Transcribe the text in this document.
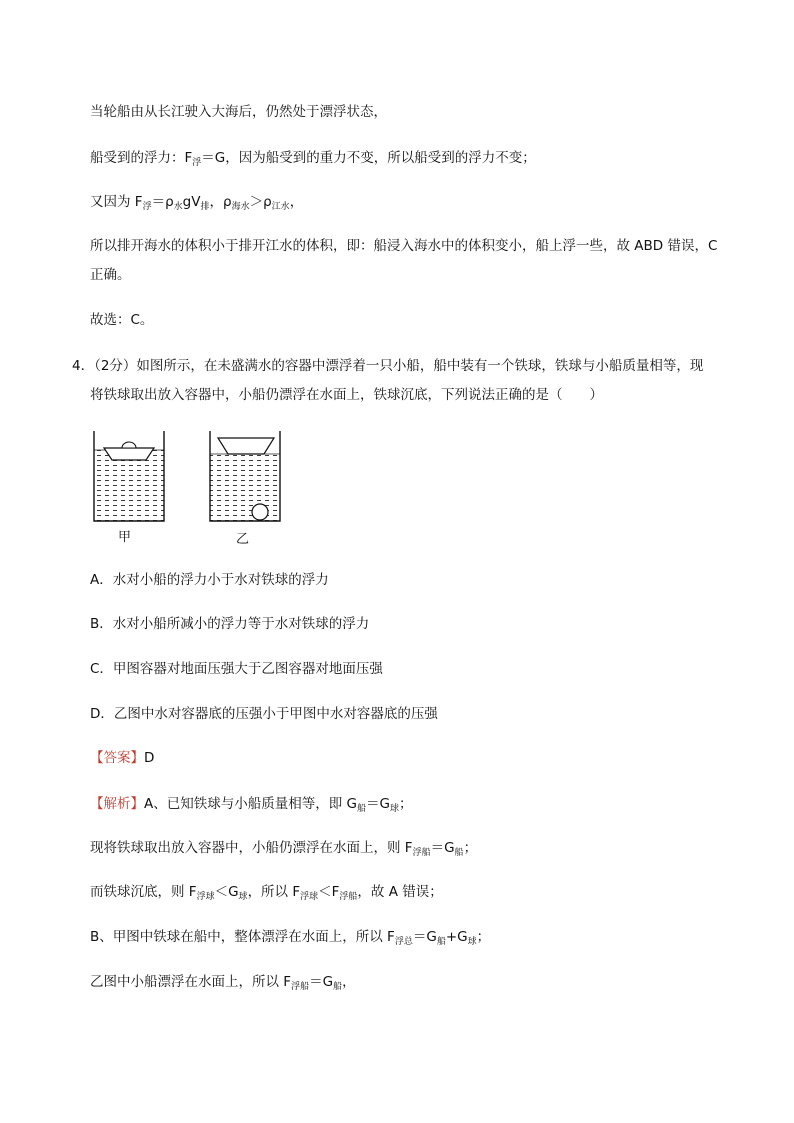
当轮船由从长江驶入大海后，仍然处于漂浮状态，
船受到的浮力：$F_浮=G$，因为船受到的重力不变，所以船受到的浮力不变；
又因为 $F_浮=\rho_水gV_排$，$\rho_{海水}>\rho_{江水}$，
所以排开海水的体积小于排开江水的体积，即：船浸入海水中的体积变小，船上浮一些，故 ABD 错误，C
正确。
故选：C。
4．（2分）如图所示，在未盛满水的容器中漂浮着一只小船，船中装有一个铁球，铁球与小船质量相等，现
将铁球取出放入容器中，小船仍漂浮在水面上，铁球沉底，下列说法正确的是（　　）
甲	乙
A．水对小船的浮力小于水对铁球的浮力
B．水对小船所减小的浮力等于水对铁球的浮力
C．甲图容器对地面压强大于乙图容器对地面压强
D．乙图中水对容器底的压强小于甲图中水对容器底的压强
【答案】D
【解析】A、已知铁球与小船质量相等，即 $G_船=G_球$；
现将铁球取出放入容器中，小船仍漂浮在水面上，则 $F_{浮船}=G_船$；
而铁球沉底，则 $F_{浮球}<G_球$，所以 $F_{浮球}<F_{浮船}$，故 A 错误；
B、甲图中铁球在船中，整体漂浮在水面上，所以 $F_{浮总}=G_船+G_球$；
乙图中小船漂浮在水面上，所以 $F_{浮船}=G_船$，
